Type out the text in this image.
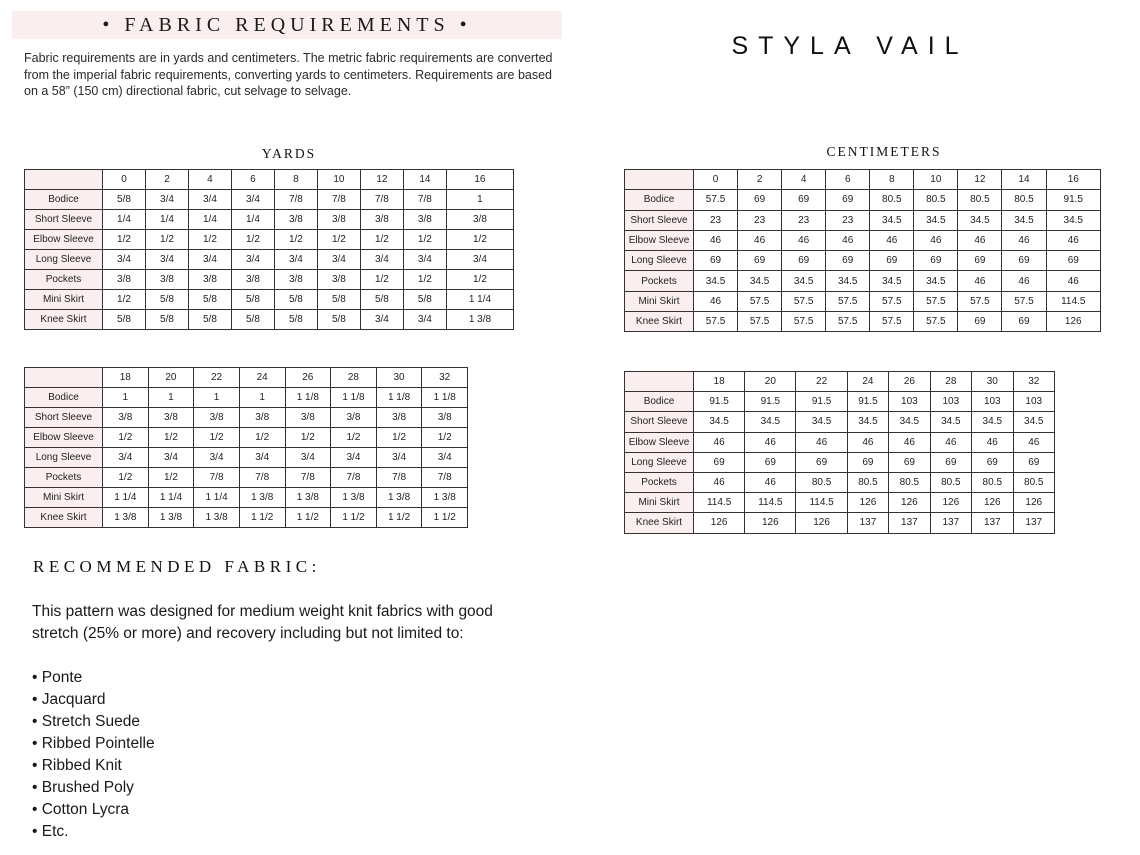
• FABRIC REQUIREMENTS •
Fabric requirements are in yards and centimeters. The metric fabric requirements are converted from the imperial fabric requirements, converting yards to centimeters. Requirements are based on a 58” (150 cm) directional fabric, cut selvage to selvage.
STYLA VAIL
YARDS	CENTIMETERS
	0	2	4	6	8	10	12	14	16
Bodice	5/8	3/4	3/4	3/4	7/8	7/8	7/8	7/8	1
Short Sleeve	1/4	1/4	1/4	1/4	3/8	3/8	3/8	3/8	3/8
Elbow Sleeve	1/2	1/2	1/2	1/2	1/2	1/2	1/2	1/2	1/2
Long Sleeve	3/4	3/4	3/4	3/4	3/4	3/4	3/4	3/4	3/4
Pockets	3/8	3/8	3/8	3/8	3/8	3/8	1/2	1/2	1/2
Mini Skirt	1/2	5/8	5/8	5/8	5/8	5/8	5/8	5/8	1 1/4
Knee Skirt	5/8	5/8	5/8	5/8	5/8	5/8	3/4	3/4	1 3/8
	18	20	22	24	26	28	30	32
Bodice	1	1	1	1	1 1/8	1 1/8	1 1/8	1 1/8
Short Sleeve	3/8	3/8	3/8	3/8	3/8	3/8	3/8	3/8
Elbow Sleeve	1/2	1/2	1/2	1/2	1/2	1/2	1/2	1/2
Long Sleeve	3/4	3/4	3/4	3/4	3/4	3/4	3/4	3/4
Pockets	1/2	1/2	7/8	7/8	7/8	7/8	7/8	7/8
Mini Skirt	1 1/4	1 1/4	1 1/4	1 3/8	1 3/8	1 3/8	1 3/8	1 3/8
Knee Skirt	1 3/8	1 3/8	1 3/8	1 1/2	1 1/2	1 1/2	1 1/2	1 1/2
	0	2	4	6	8	10	12	14	16
Bodice	57.5	69	69	69	80.5	80.5	80.5	80.5	91.5
Short Sleeve	23	23	23	23	34.5	34.5	34.5	34.5	34.5
Elbow Sleeve	46	46	46	46	46	46	46	46	46
Long Sleeve	69	69	69	69	69	69	69	69	69
Pockets	34.5	34.5	34.5	34.5	34.5	34.5	46	46	46
Mini Skirt	46	57.5	57.5	57.5	57.5	57.5	57.5	57.5	114.5
Knee Skirt	57.5	57.5	57.5	57.5	57.5	57.5	69	69	126
	18	20	22	24	26	28	30	32
Bodice	91.5	91.5	91.5	91.5	103	103	103	103
Short Sleeve	34.5	34.5	34.5	34.5	34.5	34.5	34.5	34.5
Elbow Sleeve	46	46	46	46	46	46	46	46
Long Sleeve	69	69	69	69	69	69	69	69
Pockets	46	46	80.5	80.5	80.5	80.5	80.5	80.5
Mini Skirt	114.5	114.5	114.5	126	126	126	126	126
Knee Skirt	126	126	126	137	137	137	137	137
RECOMMENDED FABRIC:
This pattern was designed for medium weight knit fabrics with good stretch (25% or more) and recovery including but not limited to:
• Ponte
• Jacquard
• Stretch Suede
• Ribbed Pointelle
• Ribbed Knit
• Brushed Poly
• Cotton Lycra
• Etc.
